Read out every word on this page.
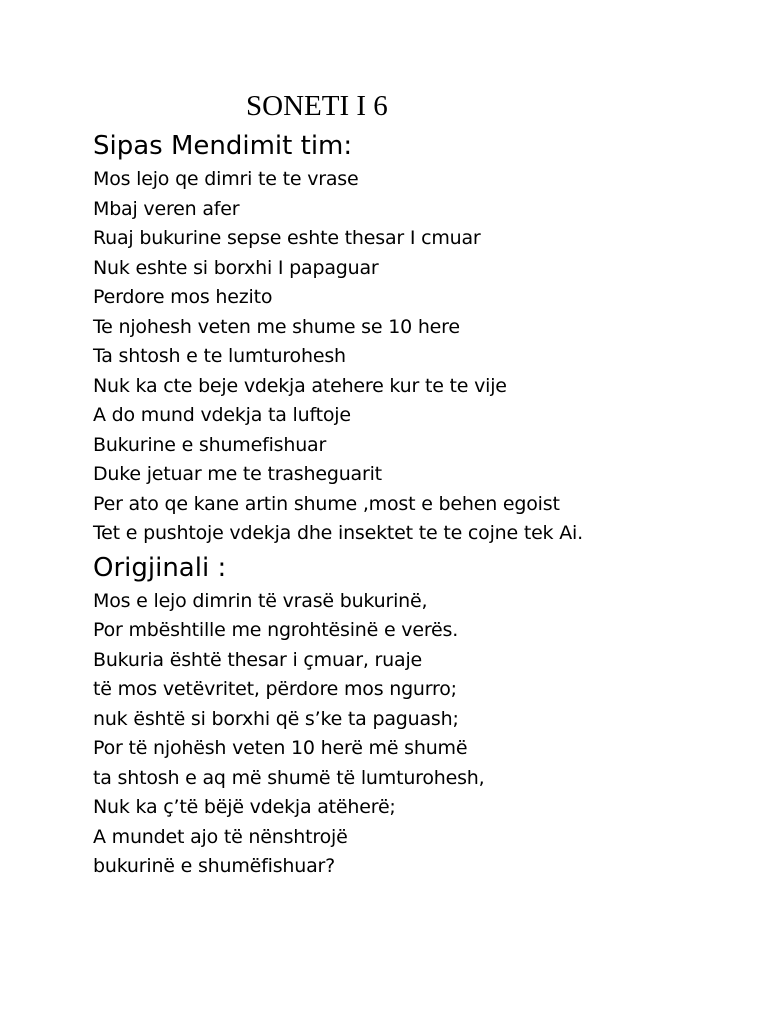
SONETI I 6
Sipas Mendimit tim:
Mos lejo qe dimri te te vrase
Mbaj veren afer
Ruaj bukurine sepse eshte thesar I cmuar
Nuk eshte si borxhi I papaguar
Perdore mos hezito
Te njohesh veten me shume se 10 here
Ta shtosh e te lumturohesh
Nuk ka cte beje vdekja atehere kur te te vije
A do mund vdekja ta luftoje
Bukurine e shumefishuar
Duke jetuar me te trasheguarit
Per ato qe kane artin shume ,most e behen egoist
Tet e pushtoje vdekja dhe insektet te te cojne tek Ai.
Origjinali :
Mos e lejo dimrin të vrasë bukurinë,
Por mbështille me ngrohtësinë e verës.
Bukuria është thesar i çmuar, ruaje
të mos vetëvritet, përdore mos ngurro;
nuk është si borxhi që s’ke ta paguash;
Por të njohësh veten 10 herë më shumë
ta shtosh e aq më shumë të lumturohesh,
Nuk ka ç’të bëjë vdekja atëherë;
A mundet ajo të nënshtrojë
bukurinë e shumëfishuar?
